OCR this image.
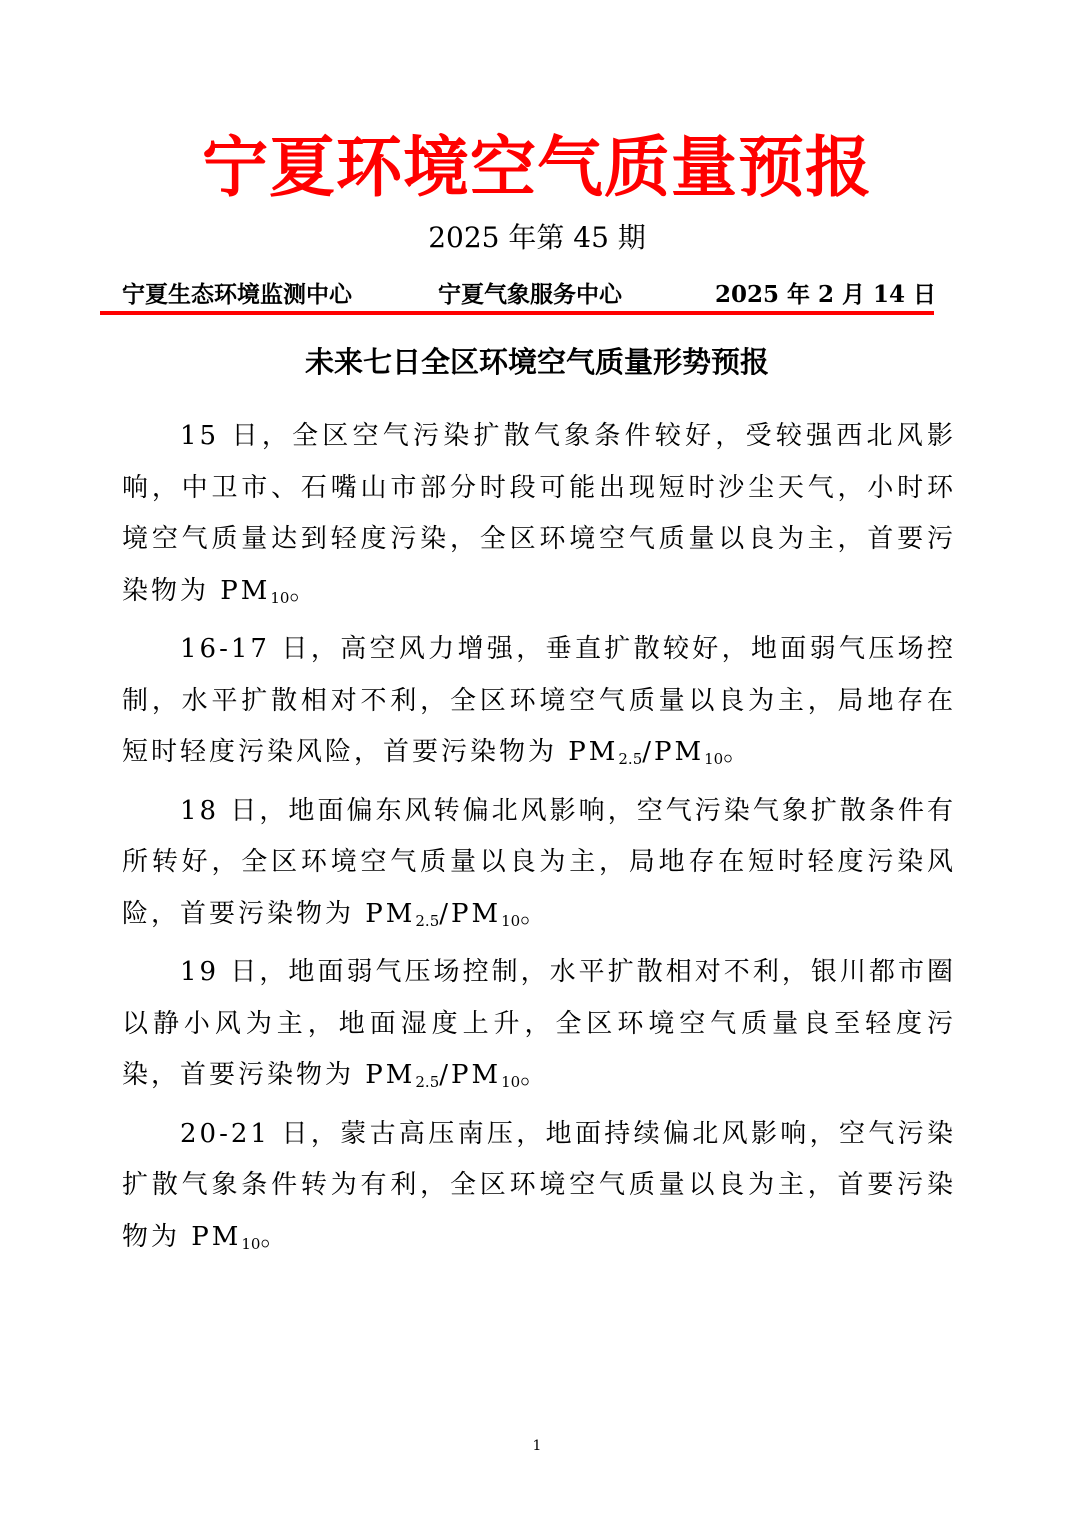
宁夏环境空气质量预报
2025 年第 45 期
宁夏生态环境监测中心	宁夏气象服务中心	2025 年 2 月 14 日
未来七日全区环境空气质量形势预报

15 日，全区空气污染扩散气象条件较好，受较强西北风影响，中卫市、石嘴山市部分时段可能出现短时沙尘天气，小时环境空气质量达到轻度污染，全区环境空气质量以良为主，首要污染物为 $PM_{10}$。

16-17 日，高空风力增强，垂直扩散较好，地面弱气压场控制，水平扩散相对不利，全区环境空气质量以良为主，局地存在短时轻度污染风险，首要污染物为 $PM_{2.5}/PM_{10}$。

18 日，地面偏东风转偏北风影响，空气污染气象扩散条件有所转好，全区环境空气质量以良为主，局地存在短时轻度污染风险，首要污染物为 $PM_{2.5}/PM_{10}$。

19 日，地面弱气压场控制，水平扩散相对不利，银川都市圈以静小风为主，地面湿度上升，全区环境空气质量良至轻度污染，首要污染物为 $PM_{2.5}/PM_{10}$。

20-21 日，蒙古高压南压，地面持续偏北风影响，空气污染扩散气象条件转为有利，全区环境空气质量以良为主，首要污染物为 $PM_{10}$。

1
